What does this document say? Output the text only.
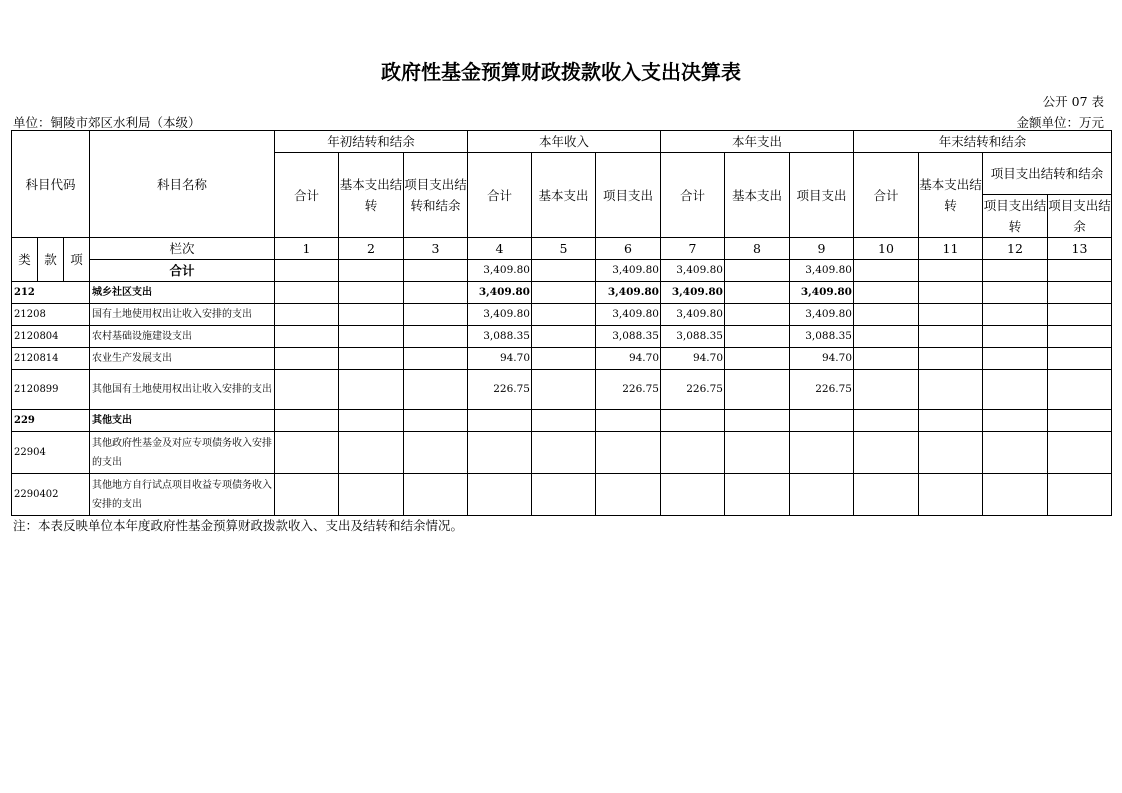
政府性基金预算财政拨款收入支出决算表
公开 07 表
单位：铜陵市郊区水利局（本级）	金额单位：万元
科目代码			科目名称	年初结转和结余			本年收入			本年支出			年末结转和结余			
				合计	基本支出结转	项目支出结转和结余	合计	基本支出	项目支出	合计	基本支出	项目支出	合计	基本支出结转	项目支出结转和结余	
															项目支出结转	项目支出结余
类	款	项	栏次	1	2	3	4	5	6	7	8	9	10	11	12	13
			合计				3,409.80		3,409.80	3,409.80		3,409.80				
212			城乡社区支出				3,409.80		3,409.80	3,409.80		3,409.80				
21208			国有土地使用权出让收入安排的支出				3,409.80		3,409.80	3,409.80		3,409.80				
2120804			农村基础设施建设支出				3,088.35		3,088.35	3,088.35		3,088.35				
2120814			农业生产发展支出				94.70		94.70	94.70		94.70				
2120899			其他国有土地使用权出让收入安排的支出				226.75		226.75	226.75		226.75				
229			其他支出													
22904			其他政府性基金及对应专项债务收入安排的支出													
2290402			其他地方自行试点项目收益专项债务收入安排的支出													
注：本表反映单位本年度政府性基金预算财政拨款收入、支出及结转和结余情况。
